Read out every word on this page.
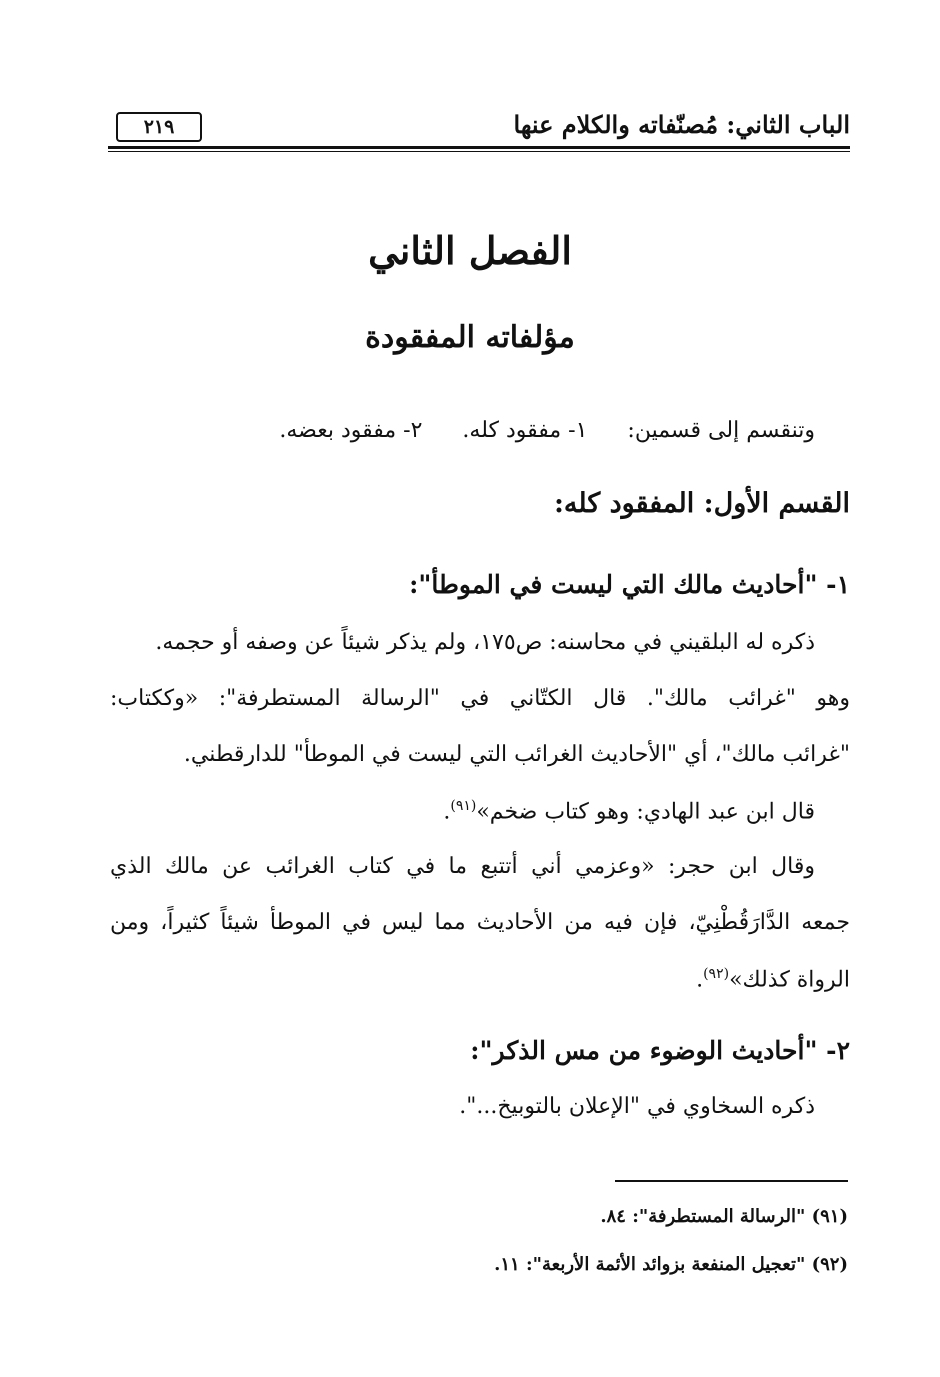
الباب الثاني: مُصنّفاته والكلام عنها
٢١٩
الفصل الثاني
مؤلفاته المفقودة
وتنقسم إلى قسمين:١- مفقود كله.٢- مفقود بعضه.
القسم الأول: المفقود كله:
١- "أحاديث مالك التي ليست في الموطأ":
ذكره له البلقيني في محاسنه: ص١٧٥، ولم يذكر شيئاً عن وصفه أو حجمه.
وهو "غرائب مالك". قال الكتّاني في "الرسالة المستطرفة": «وككتاب:
"غرائب مالك"، أي "الأحاديث الغرائب التي ليست في الموطأ" للدارقطني.
قال ابن عبد الهادي: وهو كتاب ضخم»$^{(٩١)}$.
وقال ابن حجر: «وعزمي أني أتتبع ما في كتاب الغرائب عن مالك الذي
جمعه الدَّارَقُطْنِيّ، فإن فيه من الأحاديث مما ليس في الموطأ شيئاً كثيراً، ومن
الرواة كذلك»$^{(٩٢)}$.
٢- "أحاديث الوضوء من مس الذكر":
ذكره السخاوي في "الإعلان بالتوبيخ...".
(٩١) "الرسالة المستطرفة": ٨٤.
(٩٢) "تعجيل المنفعة بزوائد الأئمة الأربعة": ١١.
